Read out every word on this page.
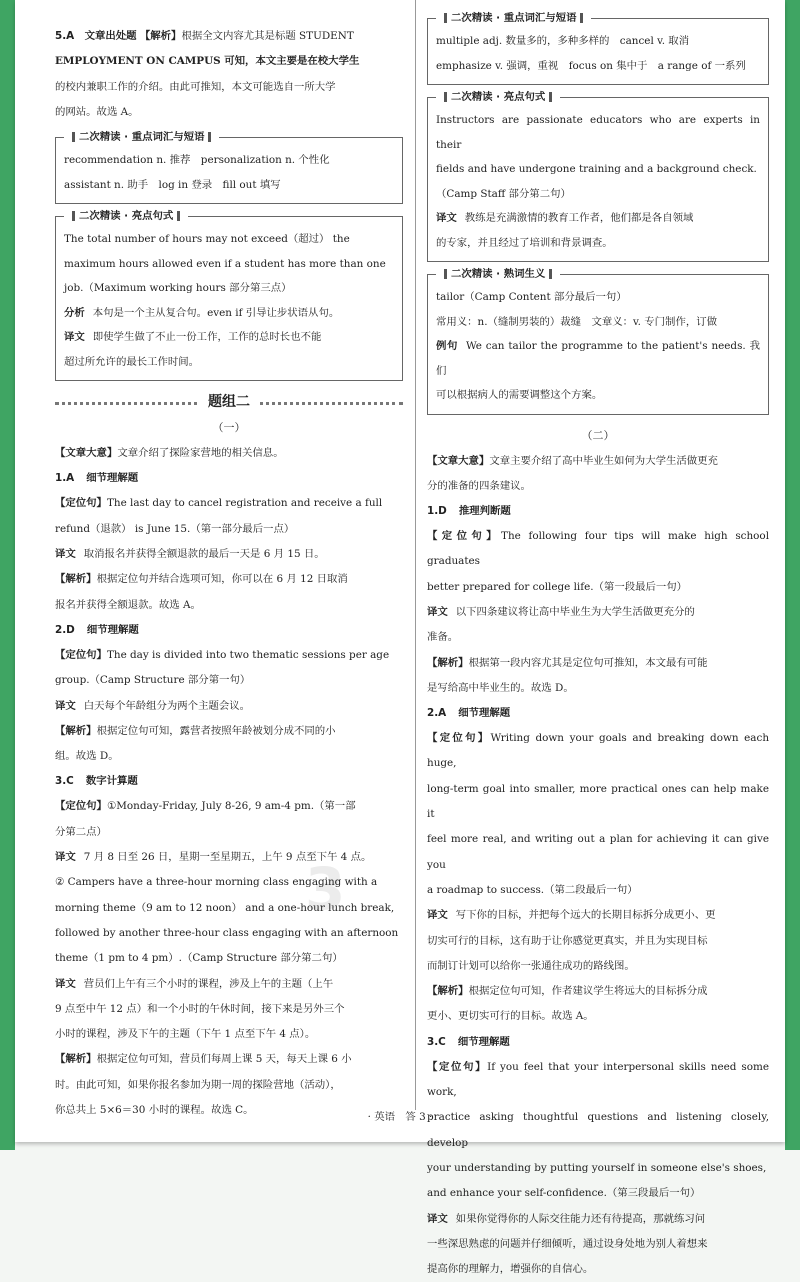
3

5.A　 文章出处题 【解析】根据全文内容尤其是标题 STUDENT

EMPLOYMENT ON CAMPUS 可知，本文主要是在校大学生

的校内兼职工作的介绍。由此可推知，本文可能选自一所大学

的网站。故选 A。

二次精读 · 重点词汇与短语

recommendation n. 推荐　personalization n. 个性化

assistant n. 助手　log in 登录　fill out 填写

二次精读 · 亮点句式

The total number of hours may not exceed（超过） the

maximum hours allowed even if a student has more than one

job.（Maximum working hours 部分第三点）

分析 本句是一个主从复合句。even if 引导让步状语从句。

译文 即使学生做了不止一份工作，工作的总时长也不能

超过所允许的最长工作时间。

题组二
（一）

【文章大意】文章介绍了探险家营地的相关信息。

1.A 细节理解题

【定位句】The last day to cancel registration and receive a full

refund（退款） is June 15.（第一部分最后一点）

译文 取消报名并获得全额退款的最后一天是 6 月 15 日。

【解析】根据定位句并结合选项可知，你可以在 6 月 12 日取消

报名并获得全额退款。故选 A。

2.D 细节理解题

【定位句】The day is divided into two thematic sessions per age

group.（Camp Structure 部分第一句）

译文 白天每个年龄组分为两个主题会议。

【解析】根据定位句可知，露营者按照年龄被划分成不同的小

组。故选 D。

3.C 数字计算题

【定位句】①Monday-Friday, July 8-26, 9 am-4 pm.（第一部

分第二点）

译文 7 月 8 日至 26 日，星期一至星期五，上午 9 点至下午 4 点。

② Campers have a three-hour morning class engaging with a

morning theme（9 am to 12 noon） and a one-hour lunch break,

followed by another three-hour class engaging with an afternoon

theme（1 pm to 4 pm）.（Camp Structure 部分第二句）

译文 营员们上午有三个小时的课程，涉及上午的主题（上午

9 点至中午 12 点）和一个小时的午休时间，接下来是另外三个

小时的课程，涉及下午的主题（下午 1 点至下午 4 点）。

【解析】根据定位句可知，营员们每周上课 5 天，每天上课 6 小

时。由此可知，如果你报名参加为期一周的探险营地（活动），

你总共上 5×6＝30 小时的课程。故选 C。

二次精读 · 重点词汇与短语

multiple adj. 数量多的，多种多样的　cancel v. 取消

emphasize v. 强调，重视　focus on 集中于　a range of 一系列

二次精读 · 亮点句式

Instructors are passionate educators who are experts in their

fields and have undergone training and a background check.

（Camp Staff 部分第二句）

译文 教练是充满激情的教育工作者，他们都是各自领域

的专家，并且经过了培训和背景调查。

二次精读 · 熟词生义

tailor（Camp Content 部分最后一句）

常用义：n.（缝制男装的）裁缝　文章义：v. 专门制作，订做

例句 We can tailor the programme to the patient's needs. 我们

可以根据病人的需要调整这个方案。

（二）

【文章大意】文章主要介绍了高中毕业生如何为大学生活做更充

分的准备的四条建议。

1.D 推理判断题

【定位句】The following four tips will make high school graduates

better prepared for college life.（第一段最后一句）

译文 以下四条建议将让高中毕业生为大学生活做更充分的

准备。

【解析】根据第一段内容尤其是定位句可推知，本文最有可能

是写给高中毕业生的。故选 D。

2.A 细节理解题

【定位句】Writing down your goals and breaking down each huge,

long-term goal into smaller, more practical ones can help make it

feel more real, and writing out a plan for achieving it can give you

a roadmap to success.（第二段最后一句）

译文 写下你的目标，并把每个远大的长期目标拆分成更小、更

切实可行的目标，这有助于让你感觉更真实，并且为实现目标

而制订计划可以给你一张通往成功的路线图。

【解析】根据定位句可知，作者建议学生将远大的目标拆分成

更小、更切实可行的目标。故选 A。

3.C 细节理解题

【定位句】If you feel that your interpersonal skills need some work,

practice asking thoughtful questions and listening closely, develop

your understanding by putting yourself in someone else's shoes,

and enhance your self-confidence.（第三段最后一句）

译文 如果你觉得你的人际交往能力还有待提高，那就练习问

一些深思熟虑的问题并仔细倾听，通过设身处地为别人着想来

提高你的理解力，增强你的自信心。

· 英语　答 3 ·
